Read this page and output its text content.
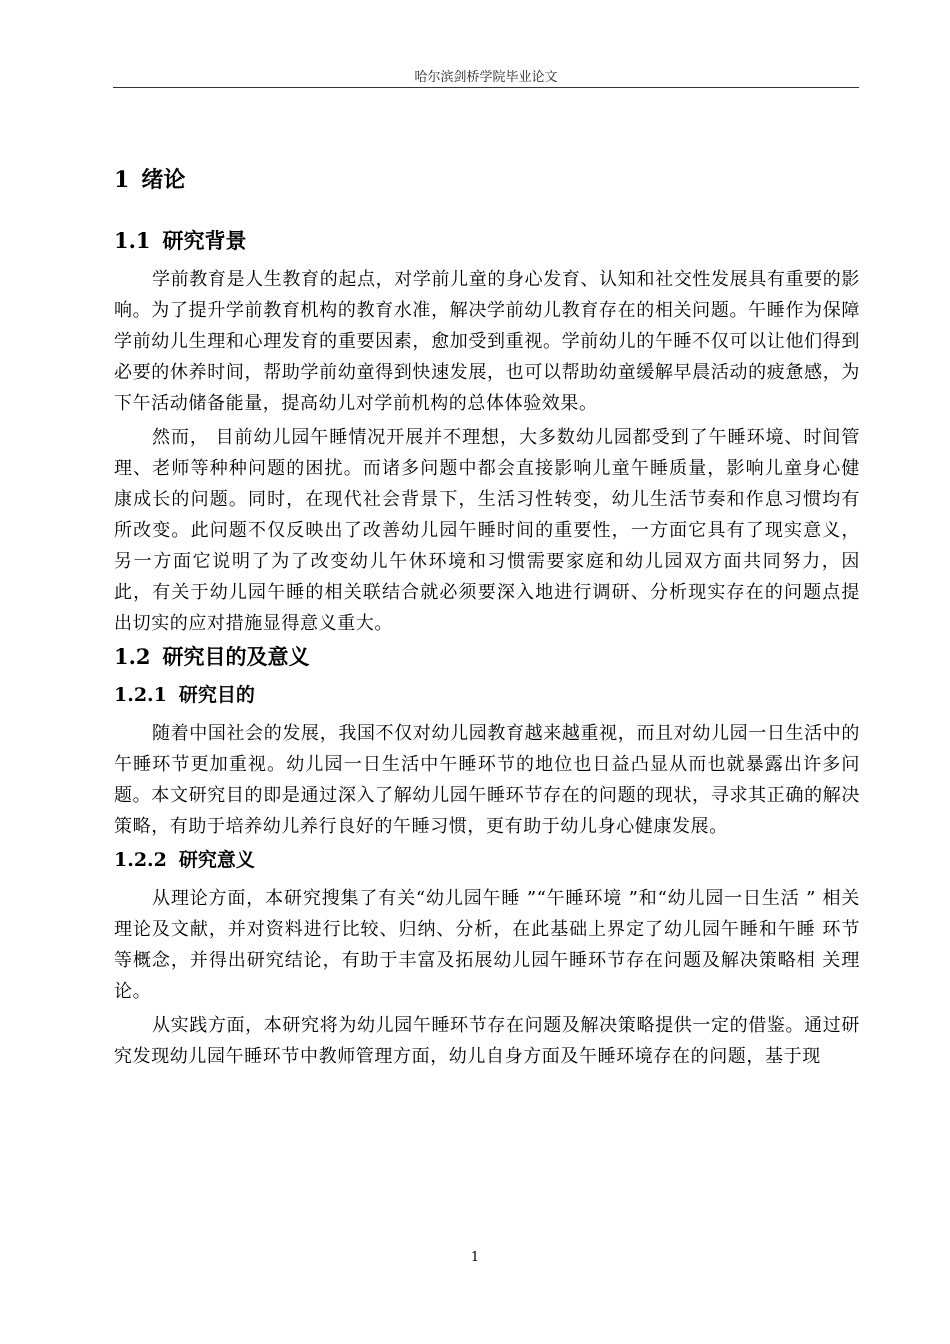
哈尔滨剑桥学院毕业论文
1 绪论
1.1 研究背景

学前教育是人生教育的起点，对学前儿童的身心发育、认知和社交性发展具有重要的影响。为了提升学前教育机构的教育水准，解决学前幼儿教育存在的相关问题。午睡作为保障学前幼儿生理和心理发育的重要因素，愈加受到重视。学前幼儿的午睡不仅可以让他们得到必要的休养时间，帮助学前幼童得到快速发展，也可以帮助幼童缓解早晨活动的疲惫感，为下午活动储备能量，提高幼儿对学前机构的总体体验效果。

然而， 目前幼儿园午睡情况开展并不理想，大多数幼儿园都受到了午睡环境、时间管 理、老师等种种问题的困扰。而诸多问题中都会直接影响儿童午睡质量，影响儿童身心健 康成长的问题。同时，在现代社会背景下，生活习性转变，幼儿生活节奏和作息习惯均有 所改变。此问题不仅反映出了改善幼儿园午睡时间的重要性，一方面它具有了现实意义， 另一方面它说明了为了改变幼儿午休环境和习惯需要家庭和幼儿园双方面共同努力，因 此，有关于幼儿园午睡的相关联结合就必须要深入地进行调研、分析现实存在的问题点提 出切实的应对措施显得意义重大。

1.2 研究目的及意义
1.2.1 研究目的

随着中国社会的发展，我国不仅对幼儿园教育越来越重视，而且对幼儿园一日生活中的午睡环节更加重视。幼儿园一日生活中午睡环节的地位也日益凸显从而也就暴露出许多问题。本文研究目的即是通过深入了解幼儿园午睡环节存在的问题的现状，寻求其正确的解决策略，有助于培养幼儿养行良好的午睡习惯，更有助于幼儿身心健康发展。

1.2.2 研究意义

从理论方面，本研究搜集了有关“幼儿园午睡 ”“午睡环境 ”和“幼儿园一日生活 ” 相关理论及文献，并对资料进行比较、归纳、分析，在此基础上界定了幼儿园午睡和午睡 环节等概念，并得出研究结论，有助于丰富及拓展幼儿园午睡环节存在问题及解决策略相 关理论。

从实践方面，本研究将为幼儿园午睡环节存在问题及解决策略提供一定的借鉴。通过研究发现幼儿园午睡环节中教师管理方面，幼儿自身方面及午睡环境存在的问题，基于现

1
